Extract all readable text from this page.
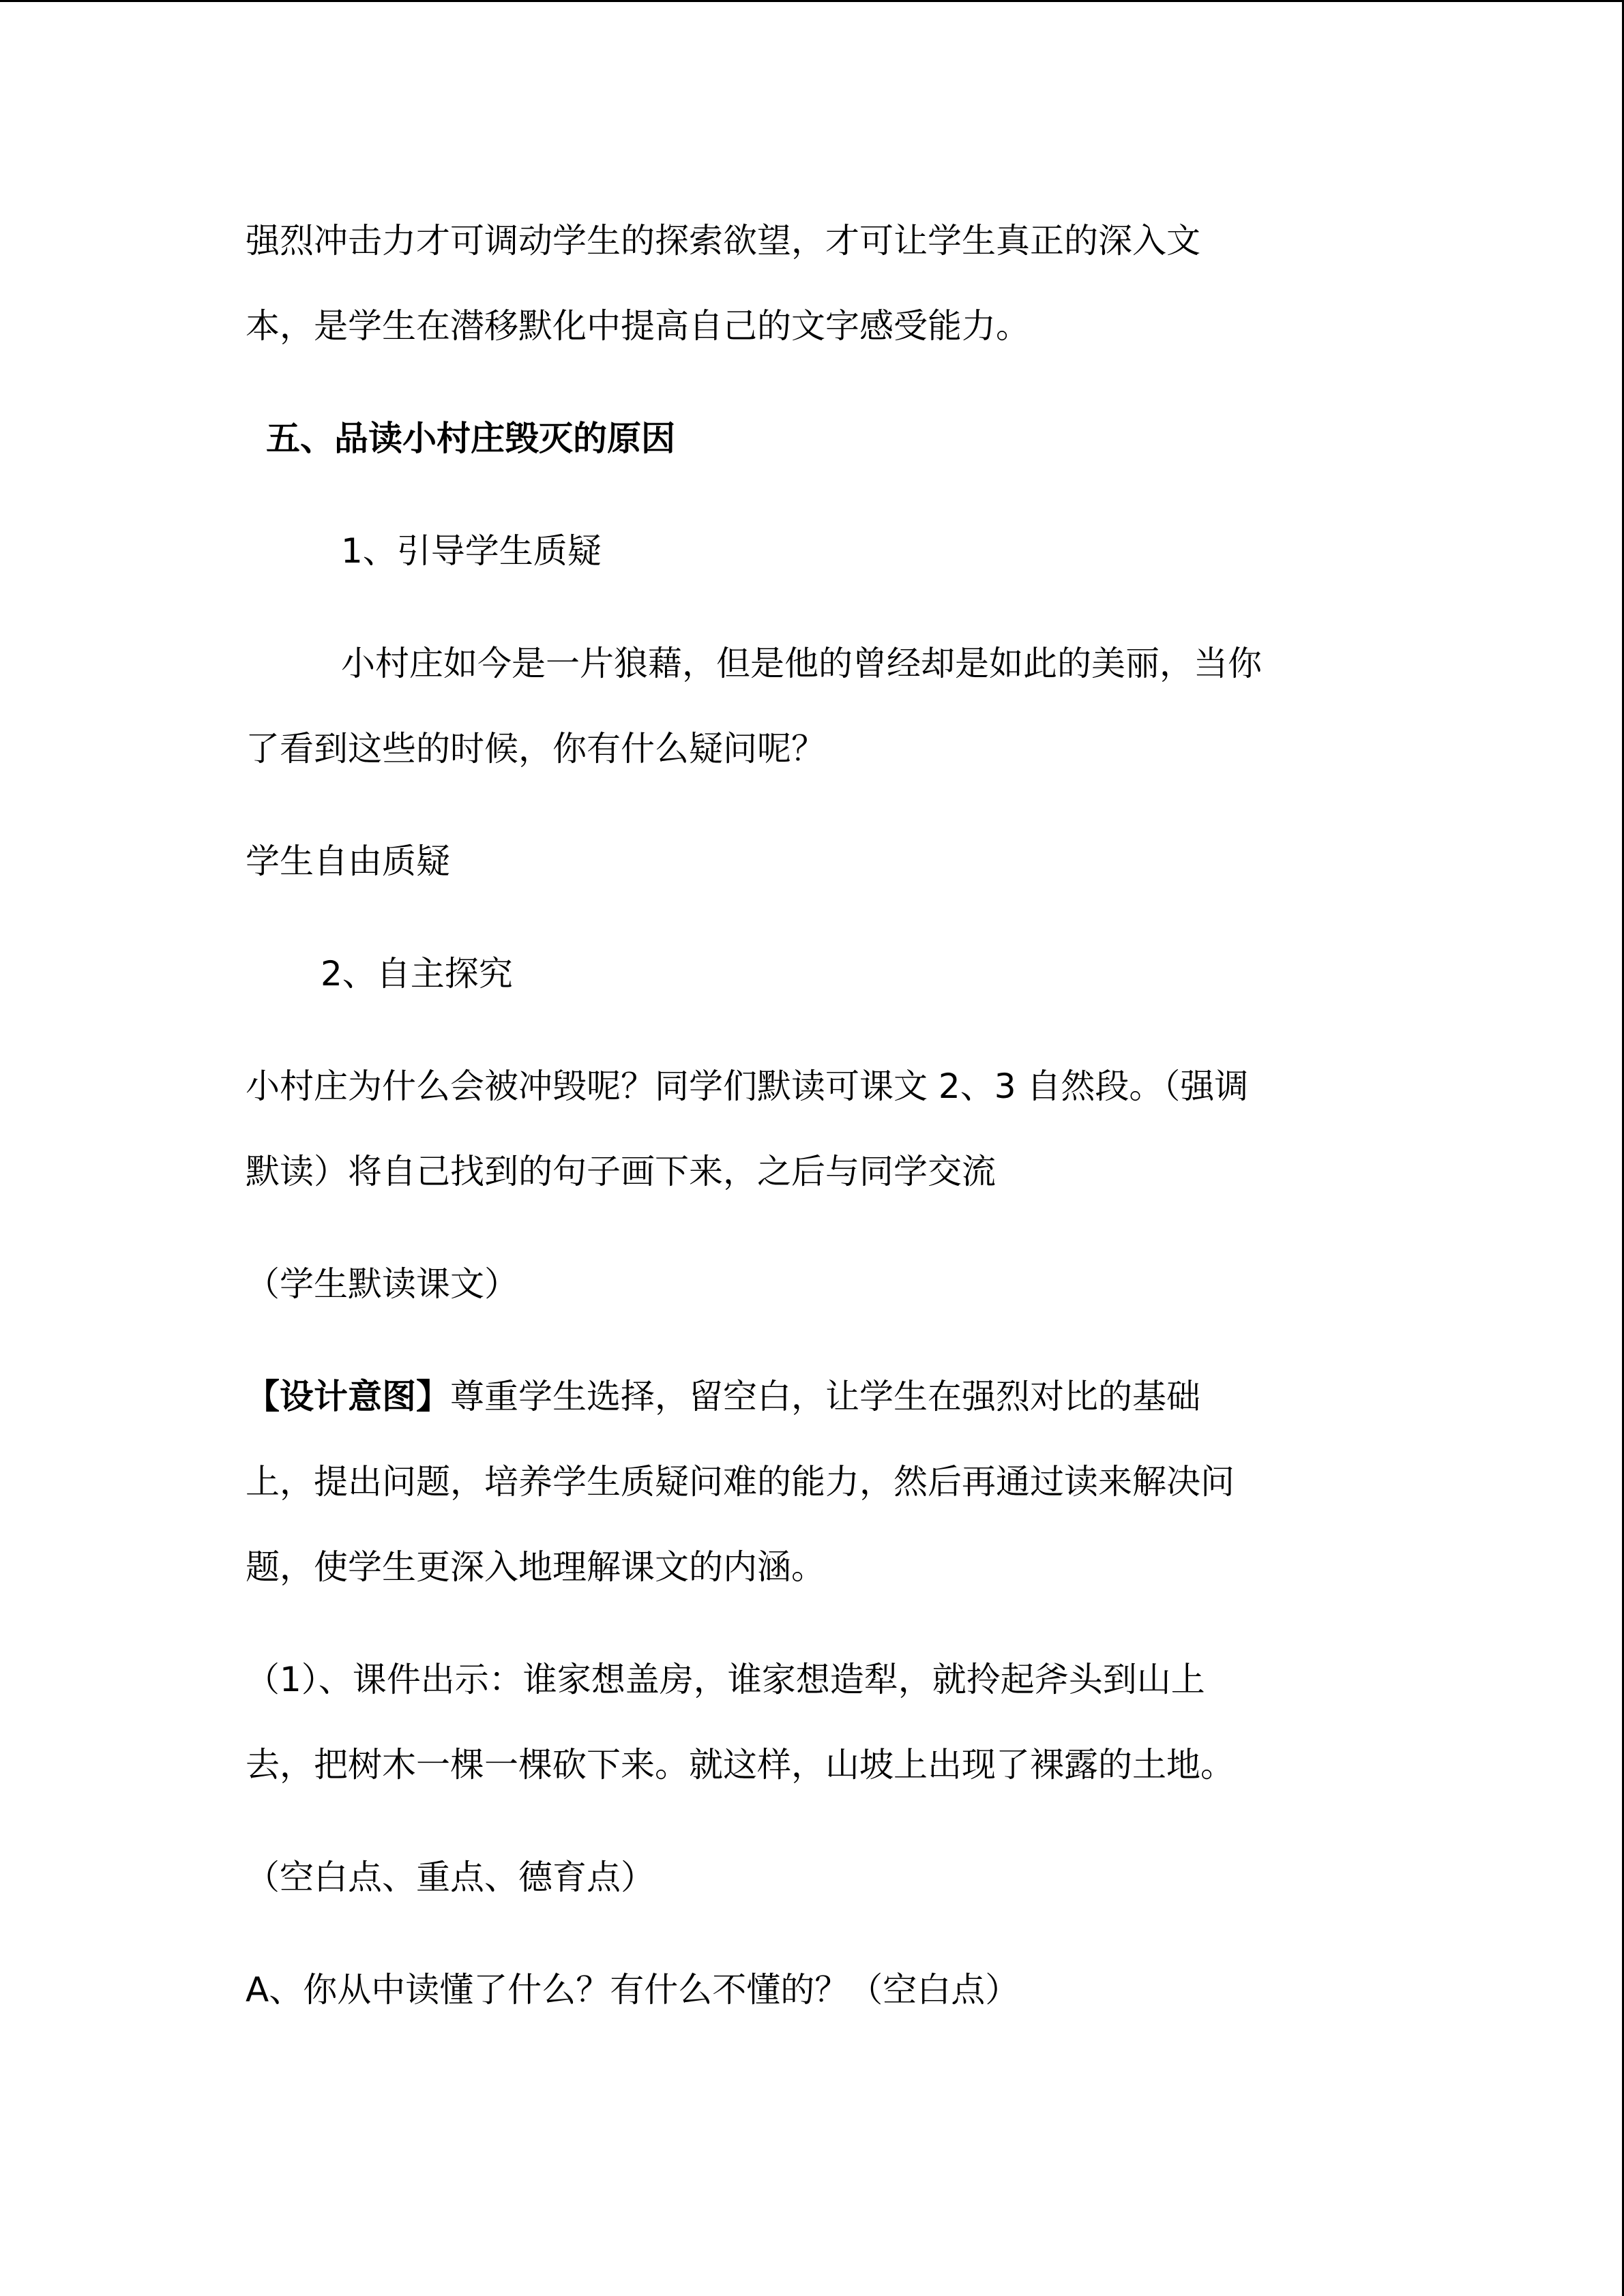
强烈冲击力才可调动学生的探索欲望，才可让学生真正的深入文
本，是学生在潜移默化中提高自己的文字感受能力。
五、品读小村庄毁灭的原因
1、引导学生质疑
小村庄如今是一片狼藉，但是他的曾经却是如此的美丽，当你
了看到这些的时候，你有什么疑问呢？
学生自由质疑
2、自主探究
小村庄为什么会被冲毁呢？同学们默读可课文 2、3 自然段。（强调
默读）将自己找到的句子画下来，之后与同学交流
（学生默读课文）
【设计意图】尊重学生选择，留空白，让学生在强烈对比的基础
上，提出问题，培养学生质疑问难的能力，然后再通过读来解决问
题，使学生更深入地理解课文的内涵。
（1）、课件出示：谁家想盖房，谁家想造犁，就拎起斧头到山上
去，把树木一棵一棵砍下来。就这样，山坡上出现了裸露的土地。
（空白点、重点、德育点）
A、你从中读懂了什么？有什么不懂的？（空白点）
